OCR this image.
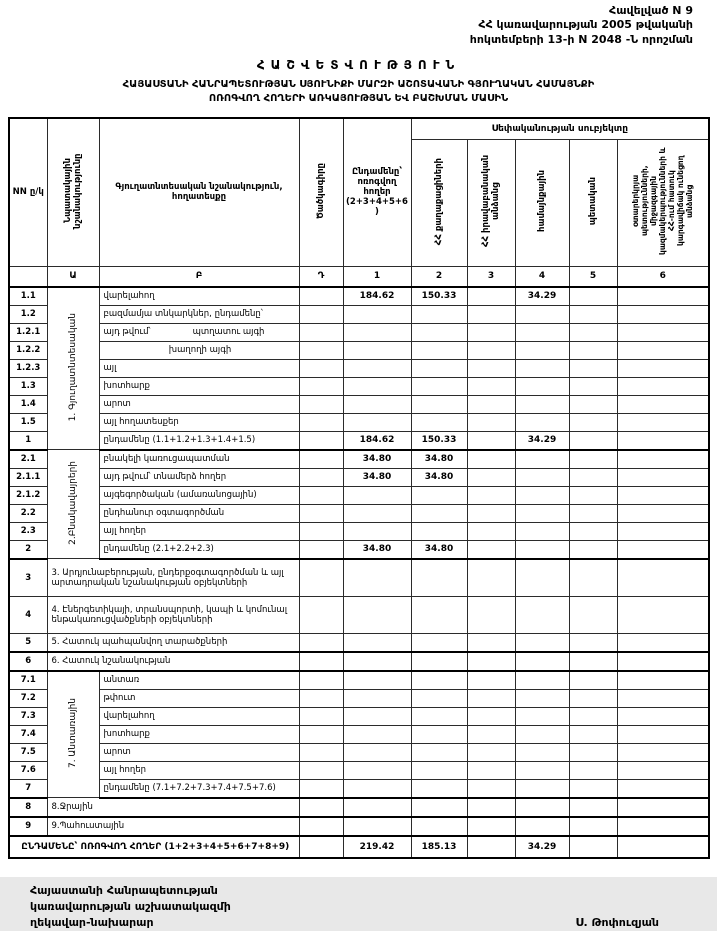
Հավելված N 9
ՀՀ կառավարության 2005 թվականի
հոկտեմբերի 13-ի N 2048 -Ն որոշման
ՀԱՇՎԵՏՎՈՒԹՅՈՒՆ
ՀԱՅԱՍՏԱՆԻ ՀԱՆՐԱՊԵՏՈՒԹՅԱՆ ՍՅՈՒՆԻՔԻ ՄԱՐԶԻ ԱՇՈՏԱՎԱՆԻ ԳՅՈՒՂԱԿԱՆ ՀԱՄԱՅՆՔԻ
ՈՌՈԳՎՈՂ ՀՈՂԵՐԻ ԱՌԿԱՅՈՒԹՅԱՆ ԵՎ ԲԱՇԽՄԱՆ ՄԱՍԻՆ
NN ը/կ	Նպատակային նշանակությունը	Գյուղատնտեսական նշանակություն, հողատեսքը	Ծածկագիրը	Ընդամենը՝ ոռոգվող հողեր (2+3+4+5+6)	Սեփականության սուբյեկտը				
					ՀՀ քաղաքացիների	ՀՀ իրավաբանական անձանց	համայնքային	պետական	օտարերկրյա պետությունների, միջազգային կազմակերպությունների և ՀՀ-ում հատուկ կարգավիճակ ունեցող անձանց
	Ա	Բ	Դ	1	2	3	4	5	6
1.1	1. Գյուղատնտեսական	վարելահող		184.62	150.33		34.29		
1.2		բազմամյա տնկարկներ, ընդամենը՝							
1.2.1		այդ թվում՝ պտղատու այգի							
1.2.2		խաղողի այգի							
1.2.3		այլ							
1.3		խոտհարք							
1.4		արոտ							
1.5		այլ հողատեսքեր							
1		ընդամենը (1.1+1.2+1.3+1.4+1.5)		184.62	150.33		34.29		
2.1	2.Բնակավայրերի	բնակելի կառուցապատման		34.80	34.80				
2.1.1		այդ թվում՝ տնամերձ հողեր		34.80	34.80				
2.1.2		այգեգործական (ամառանոցային)							
2.2		ընդհանուր օգտագործման							
2.3		այլ հողեր							
2		ընդամենը (2.1+2.2+2.3)		34.80	34.80				
3	3. Արդյունաբերության, ընդերքօգտագործման և այլ արտադրական նշանակության օբյեկտների								
4	4. Էներգետիկայի, տրանսպորտի, կապի և կոմունալ ենթակառուցվածքների օբյեկտների								
5	5. Հատուկ պահպանվող տարածքների								
6	6. Հատուկ նշանակության								
7.1	7. Անտառային	անտառ							
7.2		թփուտ							
7.3		վարելահող							
7.4		խոտհարք							
7.5		արոտ							
7.6		այլ հողեր							
7		ընդամենը (7.1+7.2+7.3+7.4+7.5+7.6)							
8	8.Ջրային								
9	9.Պահուստային								
ԸՆԴԱՄԵՆԸ՝ ՈՌՈԳՎՈՂ ՀՈՂԵՐ (1+2+3+4+5+6+7+8+9)				219.42	185.13		34.29		
Հայաստանի Հանրապետության
կառավարության աշխատակազմի
ղեկավար-նախարար	Ս. Թոփուզյան
